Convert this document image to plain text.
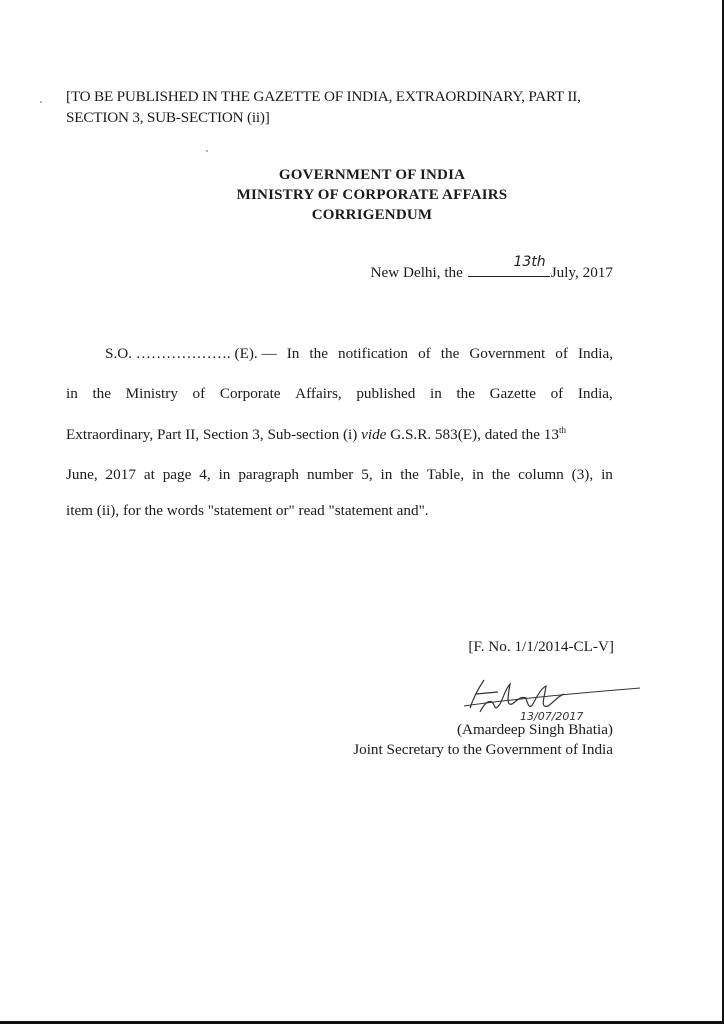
[TO BE PUBLISHED IN THE GAZETTE OF INDIA, EXTRAORDINARY, PART II, SECTION 3, SUB-SECTION (ii)]
GOVERNMENT OF INDIA
MINISTRY OF CORPORATE AFFAIRS
CORRIGENDUM
New Delhi, the
13th
July, 2017
S.O. ………………. (E). — In the notification of the Government of India,
in the Ministry of Corporate Affairs, published in the Gazette of India,
Extraordinary, Part II, Section 3, Sub-section (i) vide G.S.R. 583(E), dated the 13th
June, 2017 at page 4, in paragraph number 5, in the Table, in the column (3), in
item (ii), for the words "statement or" read "statement and".
[F. No. 1/1/2014-CL-V]
13/07/2017
(Amardeep Singh Bhatia)
Joint Secretary to the Government of India
